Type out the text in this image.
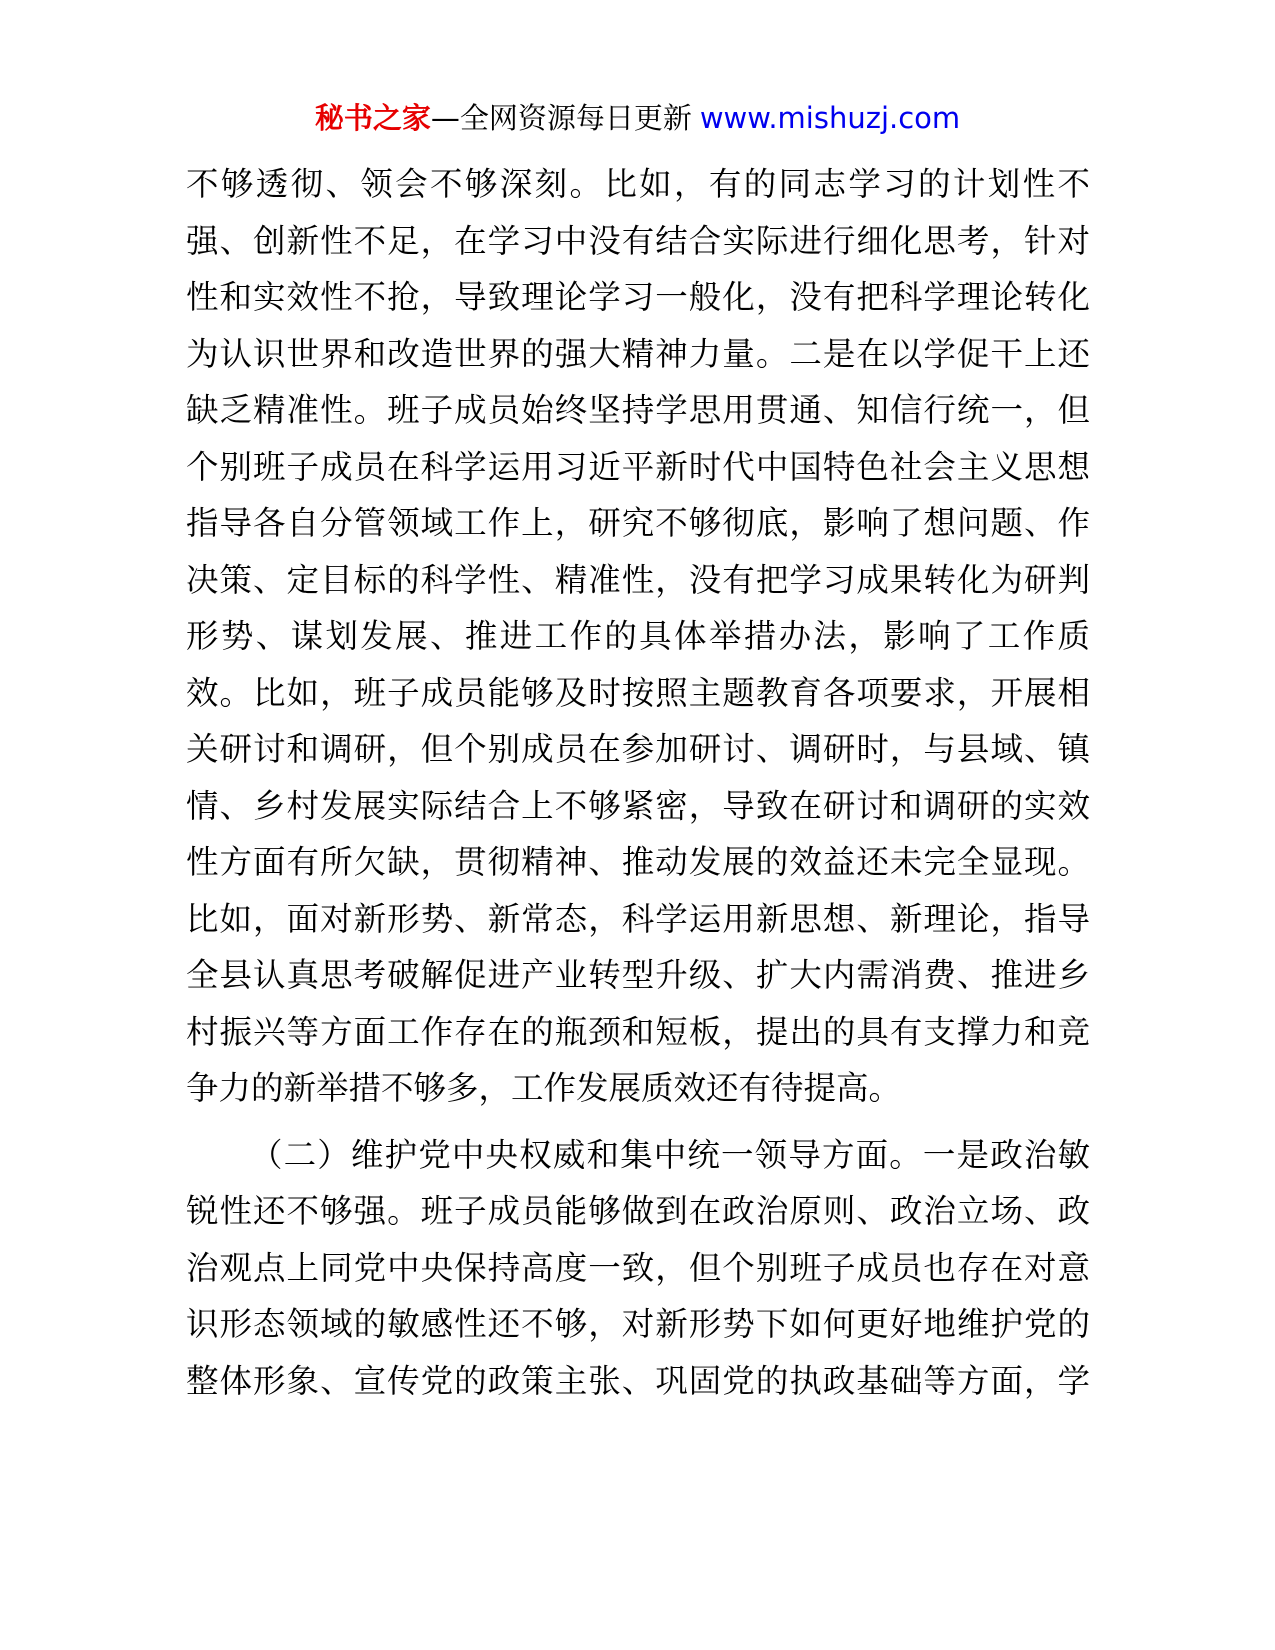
秘书之家—全网资源每日更新 www.mishuzj.com
不够透彻、领会不够深刻。比如，有的同志学习的计划性不
强、创新性不足，在学习中没有结合实际进行细化思考，针对
性和实效性不抢，导致理论学习一般化，没有把科学理论转化
为认识世界和改造世界的强大精神力量。二是在以学促干上还
缺乏精准性。班子成员始终坚持学思用贯通、知信行统一，但
个别班子成员在科学运用习近平新时代中国特色社会主义思想
指导各自分管领域工作上，研究不够彻底，影响了想问题、作
决策、定目标的科学性、精准性，没有把学习成果转化为研判
形势、谋划发展、推进工作的具体举措办法，影响了工作质
效。比如，班子成员能够及时按照主题教育各项要求，开展相
关研讨和调研，但个别成员在参加研讨、调研时，与县域、镇
情、乡村发展实际结合上不够紧密，导致在研讨和调研的实效
性方面有所欠缺，贯彻精神、推动发展的效益还未完全显现。
比如，面对新形势、新常态，科学运用新思想、新理论，指导
全县认真思考破解促进产业转型升级、扩大内需消费、推进乡
村振兴等方面工作存在的瓶颈和短板，提出的具有支撑力和竞
争力的新举措不够多，工作发展质效还有待提高。
（二）维护党中央权威和集中统一领导方面。一是政治敏
锐性还不够强。班子成员能够做到在政治原则、政治立场、政
治观点上同党中央保持高度一致，但个别班子成员也存在对意
识形态领域的敏感性还不够，对新形势下如何更好地维护党的
整体形象、宣传党的政策主张、巩固党的执政基础等方面，学
